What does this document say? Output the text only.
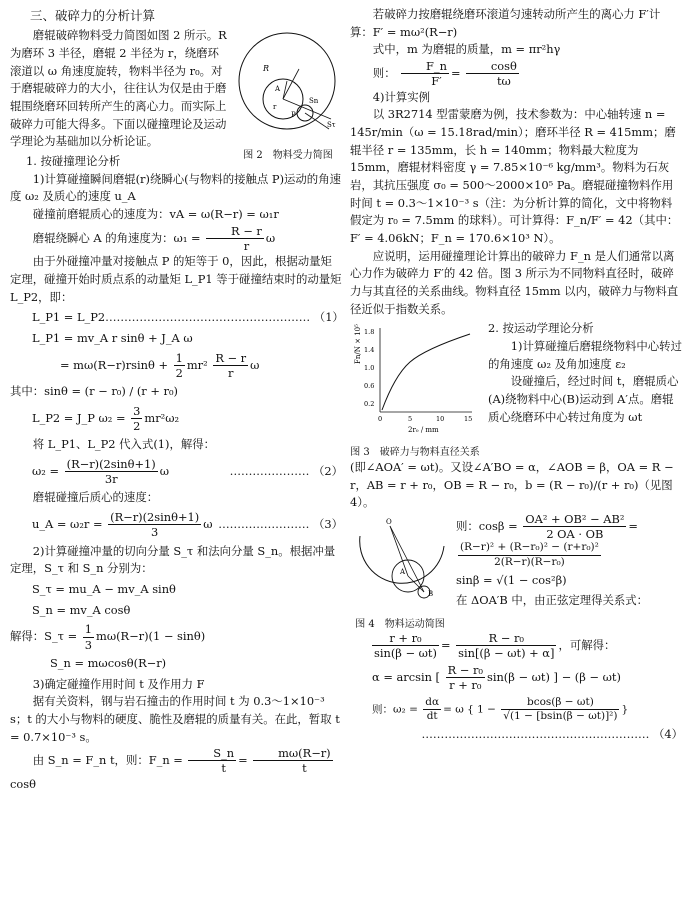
三、破碎力的分析计算

R
A
P
Sn
Sτ
r
图 2　物料受力简图

磨辊破碎物料受力简图如图 2 所示。R 为磨环 3 半径，磨辊 2 半径为 r，绕磨环滚道以 ω 角速度旋转，物料半径为 r₀。对于磨辊破碎力的大小，往往认为仅是由于磨辊围绕磨环回转所产生的离心力。而实际上破碎力可能大得多。下面以碰撞理论及运动学理论为基础加以分析论证。

1. 按碰撞理论分析

1)计算碰撞瞬间磨辊(r)绕瞬心(与物料的接触点 P)运动的角速度 ω₂ 及质心的速度 u_A

碰撞前磨辊质心的速度为：vA = ω(R−r) = ω₁r

磨辊绕瞬心 A 的角速度为：$\omega_1 = \frac{R - r}{r}$ ω

由于外碰撞冲量对接触点 P 的矩等于 0，因此，根据动量矩定理，碰撞开始时质点系的动量矩 L_P1 等于碰撞结束时的动量矩 L_P2，即：

L_P1 = L_P2 ……………………………………………… （1）

L_P1 = mv_A r sinθ + J_A ω

= $m\omega(R-r)rsin\theta + \frac{1}{2} mr^2 \frac{R - r}{r}$ ω

其中：sinθ = (r − r₀) / (r + r₀)

L_P2 = J_P $\omega_2 = \frac{3}{2} mr^2\omega_2$

将 L_P1、L_P2 代入式(1)，解得：

$\omega_2 = \frac{(R-r)(2\sin\theta+1)}{3r}$ ω	………………… （2）

磨辊碰撞后质心的速度：

u_A = $\omega_2r = \frac{(R-r)(2\sin\theta+1)}{3}$ ω …………………… （3）

2)计算碰撞冲量的切向分量 S_τ 和法向分量 S_n。根据冲量定理，S_τ 和 S_n 分别为：

S_τ = mu_A − mv_A sinθ

S_n = mv_A cosθ

解得：S_τ = $\frac{1}{3} m\omega(R-r)(1 - \sin\theta)$

S_n = mωcosθ(R−r)

3)确定碰撞作用时间 t 及作用力 F

据有关资料，钢与岩石撞击的作用时间 t 为 0.3～1×10⁻³ s；t 的大小与物料的硬度、脆性及磨辊的质量有关。在此，暂取 t = 0.7×10⁻³ s。

由 S_n = F_n t，则：F_n = $\frac{S\_n}{t} = \frac{m\omega(R-r)}{t}$
cosθ

若破碎力按磨辊绕磨环滚道匀速转动所产生的离心力 F′计算：F′ = mω²(R−r)

式中，m 为磨辊的质量，m = πr²hγ

则： $\frac{F\_n}{F'} = \frac{\cos\theta}{t\omega}$

4)计算实例

以 3R2714 型雷蒙磨为例，技术参数为：中心轴转速 n = 145r/min（ω = 15.18rad/min）；磨环半径 R = 415mm；磨辊半径 r = 135mm，长 h = 140mm；物料最大粒度为 15mm，磨辊材料密度 γ = 7.85×10⁻⁶ kg/mm³。物料为石灰岩，其抗压强度 σ₀ = 500～2000×10⁵ Pa。磨辊碰撞物料作用时间 t = 0.3～1×10⁻³ s（注：为分析计算的简化，文中将物料假定为 r₀ = 7.5mm 的球料）。可计算得：F_n/F′ = 42（其中：F′ = 4.06kN；F_n = 170.6×10³ N）。

应说明，运用碰撞理论计算出的破碎力 F_n 是人们通常以离心力作为破碎力 F′的 42 倍。图 3 所示为不同物料直径时，破碎力与其直径的关系曲线。物料直径 15mm 以内，破碎力与物料直径近似于指数关系。

Fn/N × 10⁵ 1.8
1.4
1.0
0.6
0.2
0	5	10	15
2r₀ / mm
图 3　破碎力与物料直径关系

2. 按运动学理论分析

1)计算碰撞后磨辊绕物料中心转过的角速度 ω₂ 及角加速度 ε₂

设碰撞后，经过时间 t，磨辊质心(A)绕物料中心(B)运动到 A′点。磨辊质心绕磨环中心转过角度为 ωt

(即∠AOA′ = ωt)。又设∠A′BO = α，∠AOB = β，OA = R − r，AB = r + r₀，OB = R − r₀，b = (R − r₀)/(r + r₀)（见图 4）。

O
A
B
图 4　物料运动简图

则：$\cos\beta = \frac{\text{OA² + OB² − AB²}}{2 OA \cdot OB}$ =

$\frac{\text{(R−r)² + (R−r₀)² − (r+r₀)²}}{\text{2(R−r)(R−r₀)}}$

sinβ = √(1 − cos²β)

在 ΔOA′B 中，由正弦定理得关系式：

$\frac{\text{r + r₀}}{\sin(\beta - \omega t)} = \frac{\text{R − r₀}}{\sin[(\beta - \omega t) + \alpha]}$ ，可解得：

α = arcsin [ $\frac{\text{R − r₀}}{\text{r + r₀}} \sin(\beta - \omega t)$ ] − (β − ωt)

则：$\omega_2 = \frac{d\alpha}{dt} = \omega$ { $1 - \frac{bcos(\beta - \omega t)}{\text{√(1 − [bsin(β − ωt)]²)}}$ }

…………………………………………………… （4）
